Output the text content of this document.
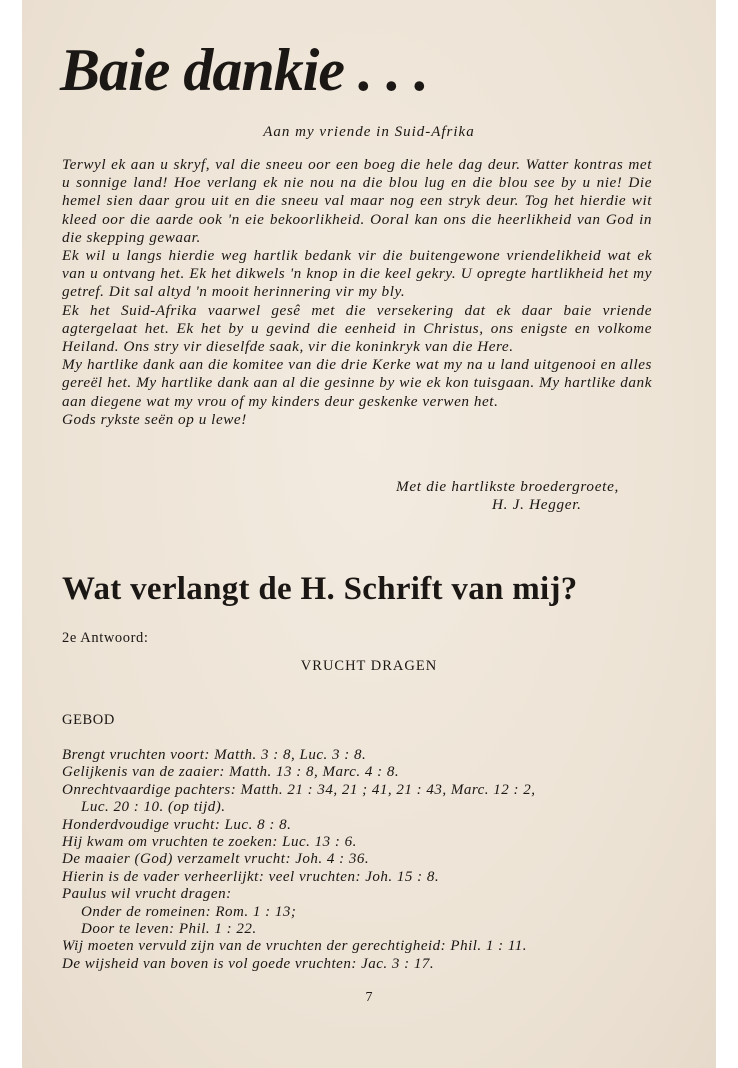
Baie dankie . . .
Aan my vriende in Suid-Afrika

Terwyl ek aan u skryf, val die sneeu oor een boeg die hele dag deur. Watter kontras met u sonnige land! Hoe verlang ek nie nou na die blou lug en die blou see by u nie! Die hemel sien daar grou uit en die sneeu val maar nog een stryk deur. Tog het hierdie wit kleed oor die aarde ook 'n eie bekoorlikheid. Ooral kan ons die heerlikheid van God in die skepping gewaar.

Ek wil u langs hierdie weg hartlik bedank vir die buitengewone vriendelikheid wat ek van u ontvang het. Ek het dikwels 'n knop in die keel gekry. U opregte hartlikheid het my getref. Dit sal altyd 'n mooit herinnering vir my bly.

Ek het Suid-Afrika vaarwel gesê met die versekering dat ek daar baie vriende agtergelaat het. Ek het by u gevind die eenheid in Christus, ons enigste en volkome Heiland. Ons stry vir dieselfde saak, vir die koninkryk van die Here.

My hartlike dank aan die komitee van die drie Kerke wat my na u land uitgenooi en alles gereël het. My hartlike dank aan al die gesinne by wie ek kon tuisgaan. My hartlike dank aan diegene wat my vrou of my kinders deur geskenke verwen het.

Gods rykste seën op u lewe!

Met die hartlikste broedergroete,
H. J. Hegger.
Wat verlangt de H. Schrift van mij?
2e Antwoord:
VRUCHT DRAGEN
GEBOD
Brengt vruchten voort: Matth. 3 : 8, Luc. 3 : 8.
Gelijkenis van de zaaier: Matth. 13 : 8, Marc. 4 : 8.
Onrechtvaardige pachters: Matth. 21 : 34, 21 ; 41, 21 : 43, Marc. 12 : 2,
Luc. 20 : 10. (op tijd).
Honderdvoudige vrucht: Luc. 8 : 8.
Hij kwam om vruchten te zoeken: Luc. 13 : 6.
De maaier (God) verzamelt vrucht: Joh. 4 : 36.
Hierin is de vader verheerlijkt: veel vruchten: Joh. 15 : 8.
Paulus wil vrucht dragen:
Onder de romeinen: Rom. 1 : 13;
Door te leven: Phil. 1 : 22.
Wij moeten vervuld zijn van de vruchten der gerechtigheid: Phil. 1 : 11.
De wijsheid van boven is vol goede vruchten: Jac. 3 : 17.
7
